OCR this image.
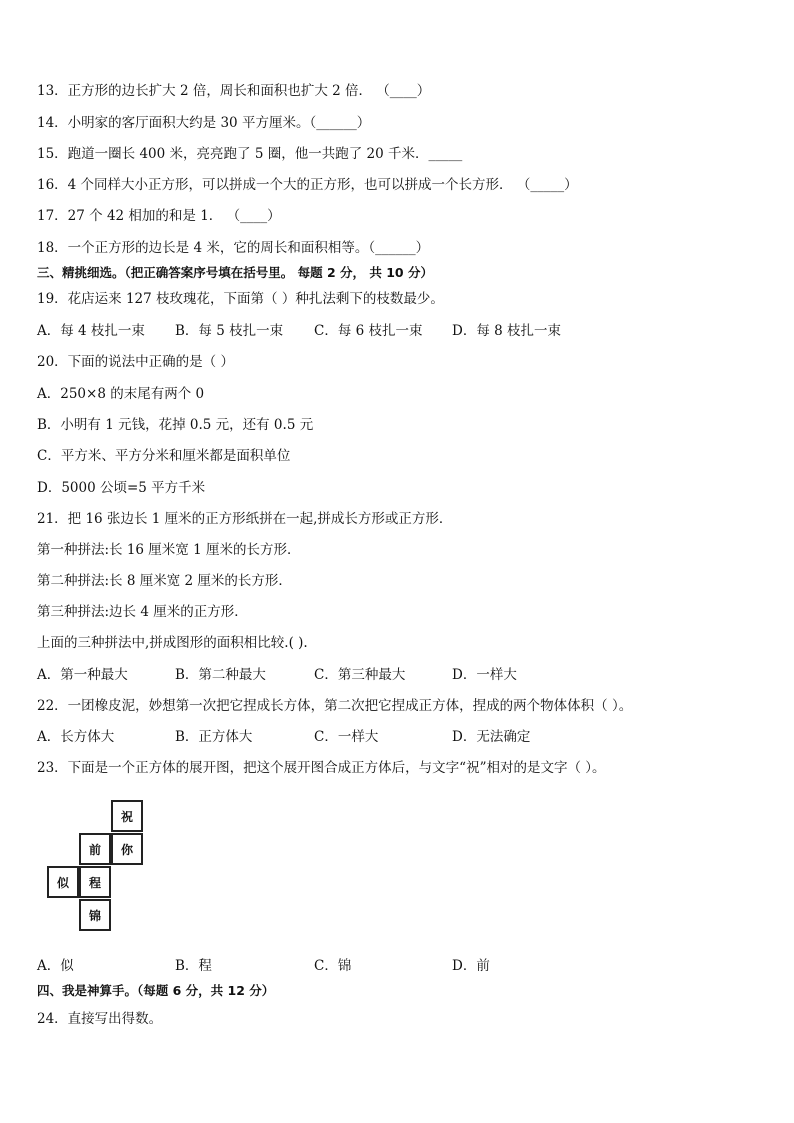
13．正方形的边长扩大 2 倍，周长和面积也扩大 2 倍． （____）
14．小明家的客厅面积大约是 30 平方厘米。（______）
15．跑道一圈长 400 米，亮亮跑了 5 圈，他一共跑了 20 千米．_____
16．4 个同样大小正方形，可以拼成一个大的正方形，也可以拼成一个长方形． （_____）
17．27 个 42 相加的和是 1． （____）
18．一个正方形的边长是 4 米，它的周长和面积相等。（______）
三、精挑细选。（把正确答案序号填在括号里。 每题 2 分， 共 10 分）
19．花店运来 127 枝玫瑰花，下面第（ ）种扎法剩下的枝数最少。
A．每 4 枝扎一束 B．每 5 枝扎一束 C．每 6 枝扎一束 D．每 8 枝扎一束
20．下面的说法中正确的是（ ）
A．250×8 的末尾有两个 0
B．小明有 1 元钱，花掉 0.5 元，还有 0.5 元
C．平方米、平方分米和厘米都是面积单位
D．5000 公顷=5 平方千米
21．把 16 张边长 1 厘米的正方形纸拼在一起,拼成长方形或正方形．
第一种拼法:长 16 厘米宽 1 厘米的长方形．
第二种拼法:长 8 厘米宽 2 厘米的长方形．
第三种拼法:边长 4 厘米的正方形．
上面的三种拼法中,拼成图形的面积相比较.( ).
A．第一种最大	B．第二种最大	C．第三种最大	D．一样大
22．一团橡皮泥，妙想第一次把它捏成长方体，第二次把它捏成正方体，捏成的两个物体体积（ ）。
A．长方体大	B．正方体大	C．一样大	D．无法确定
23．下面是一个正方体的展开图，把这个展开图合成正方体后，与文字“祝”相对的是文字（ ）。
祝
前	你
似	程
锦
A．似	B．程	C．锦	D．前
四、我是神算手。（每题 6 分，共 12 分）
24．直接写出得数。
